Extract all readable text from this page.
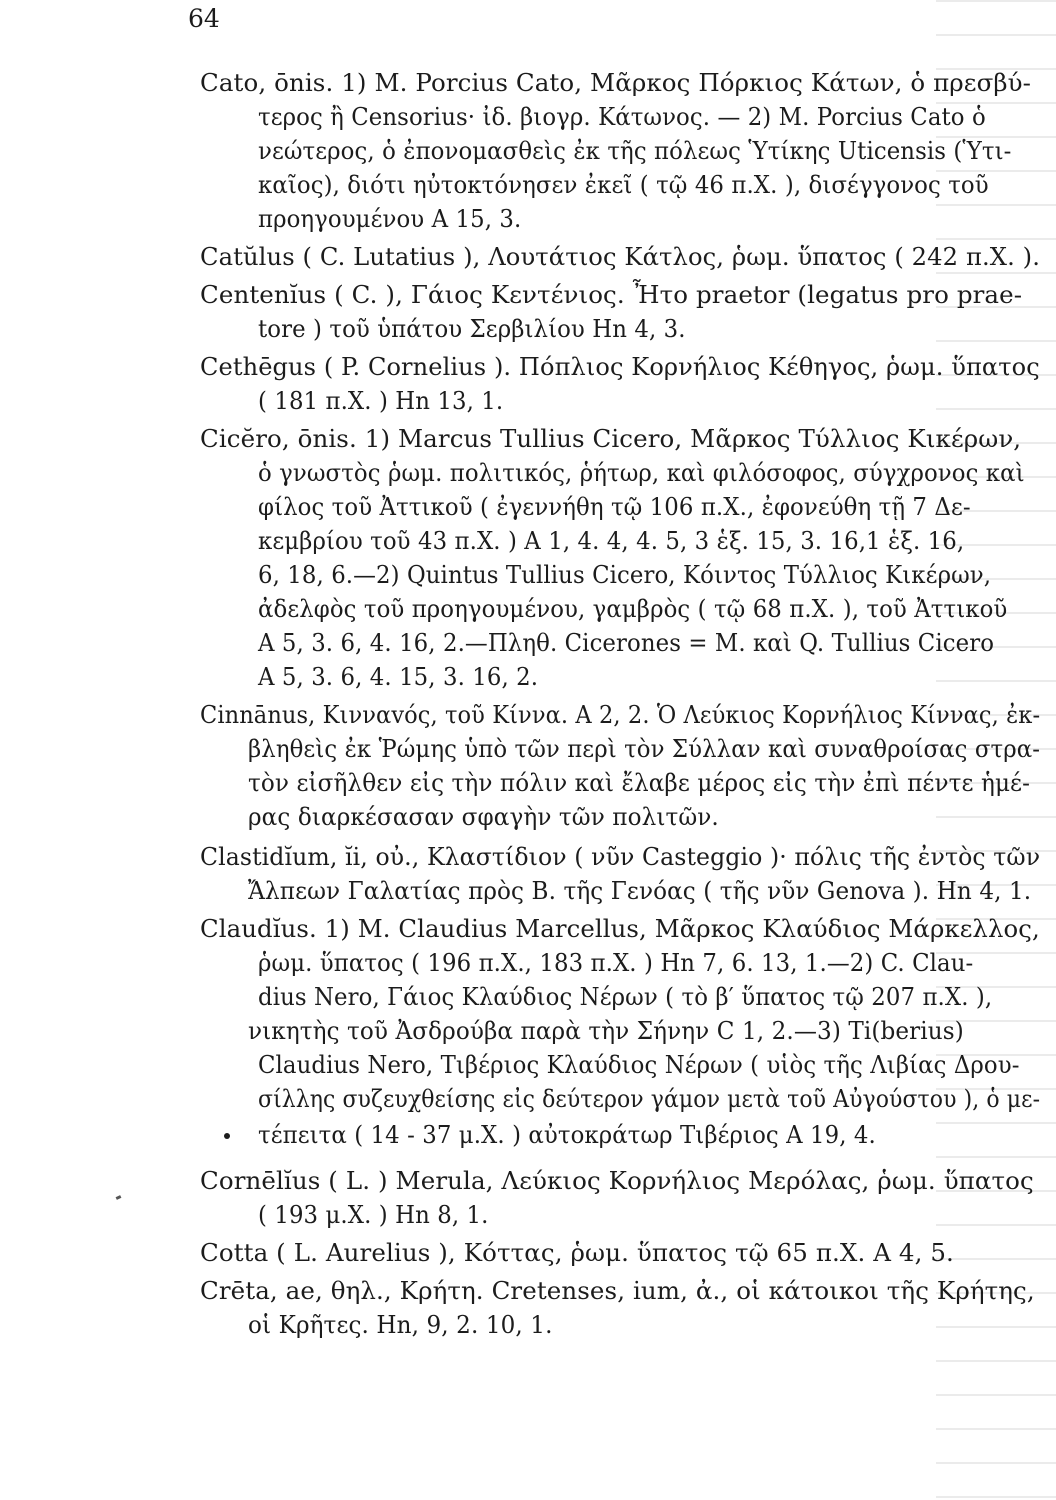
64
Cato, ōnis. 1) M. Porcius Cato, Μᾶρκος Πόρκιος Κάτων, ὁ πρεσβύ-
τερος ἢ Censorius· ἰδ. βιογρ. Κάτωνος. — 2) M. Porcius Cato ὁ
νεώτερος, ὁ ἐπονομασθεὶς ἐκ τῆς πόλεως Ὑτίκης Uticensis (Ὑτι-
καῖος), διότι ηὐτοκτόνησεν ἐκεῖ ( τῷ 46 π.Χ. ), δισέγγονος τοῦ
προηγουμένου A 15, 3.
Catŭlus ( C. Lutatius ), Λουτάτιος Κάτλος, ῥωμ. ὕπατος ( 242 π.Χ. ).
Centenĭus ( C. ), Γάιος Κεντένιος. Ἦτο praetor (legatus pro prae-
tore ) τοῦ ὑπάτου Σερβιλίου Hn 4, 3.
Cethēgus ( P. Cornelius ). Πόπλιος Κορνήλιος Κέθηγος, ῥωμ. ὕπατος
( 181 π.Χ. ) Hn 13, 1.
Cicĕro, ōnis. 1) Marcus Tullius Cicero, Μᾶρκος Τύλλιος Κικέρων,
ὁ γνωστὸς ῥωμ. πολιτικός, ῥήτωρ, καὶ φιλόσοφος, σύγχρονος καὶ
φίλος τοῦ Ἀττικοῦ ( ἐγεννήθη τῷ 106 π.Χ., ἐφονεύθη τῇ 7 Δε-
κεμβρίου τοῦ 43 π.Χ. ) A 1, 4. 4, 4. 5, 3 ἑξ. 15, 3. 16,1 ἑξ. 16,
6, 18, 6.—2) Quintus Tullius Cicero, Κόιντος Τύλλιος Κικέρων,
ἀδελφὸς τοῦ προηγουμένου, γαμβρὸς ( τῷ 68 π.Χ. ), τοῦ Ἀττικοῦ
A 5, 3. 6, 4. 16, 2.—Πληθ. Cicerones = M. καὶ Q. Tullius Cicero
A 5, 3. 6, 4. 15, 3. 16, 2.
Cinnānus, Κινναvός, τοῦ Κίννα. A 2, 2. Ὁ Λεύκιος Κορνήλιος Κίννας, ἐκ-
βληθεὶς ἐκ Ῥώμης ὑπὸ τῶν περὶ τὸν Σύλλαν καὶ συναθροίσας στρα-
τὸν εἰσῆλθεν εἰς τὴν πόλιν καὶ ἔλαβε μέρος εἰς τὴν ἐπὶ πέντε ἡμέ-
ρας διαρκέσασαν σφαγὴν τῶν πολιτῶν.
Clastidĭum, ĭi, οὐ., Κλαστίδιον ( νῦν Casteggio )· πόλις τῆς ἐντὸς τῶν
Ἄλπεων Γαλατίας πρὸς B. τῆς Γενόας ( τῆς νῦν Genova ). Hn 4, 1.
Claudĭus. 1) M. Claudius Marcellus, Μᾶρκος Κλαύδιος Μάρκελλος,
ῥωμ. ὕπατος ( 196 π.Χ., 183 π.Χ. ) Hn 7, 6. 13, 1.—2) C. Clau-
dius Nero, Γάιος Κλαύδιος Νέρων ( τὸ β′ ὕπατος τῷ 207 π.Χ. ),
νικητὴς τοῦ Ἀσδρούβα παρὰ τὴν Σήνην C 1, 2.—3) Ti(berius)
Claudius Nero, Τιβέριος Κλαύδιος Νέρων ( υἱὸς τῆς Λιβίας Δρου-
σίλλης συζευχθείσης εἰς δεύτερον γάμον μετὰ τοῦ Αὐγούστου ), ὁ με-
τέπειτα ( 14 - 37 μ.Χ. ) αὐτοκράτωρ Τιβέριος A 19, 4.
Cornēlĭus ( L. ) Merula, Λεύκιος Κορνήλιος Μερόλας, ῥωμ. ὕπατος
( 193 μ.Χ. ) Hn 8, 1.
Cotta ( L. Aurelius ), Κόττας, ῥωμ. ὕπατος τῷ 65 π.Χ. A 4, 5.
Crēta, ae, θηλ., Κρήτη. Cretenses, ium, ἀ., οἱ κάτοικοι τῆς Κρήτης,
οἱ Κρῆτες. Hn, 9, 2. 10, 1.
